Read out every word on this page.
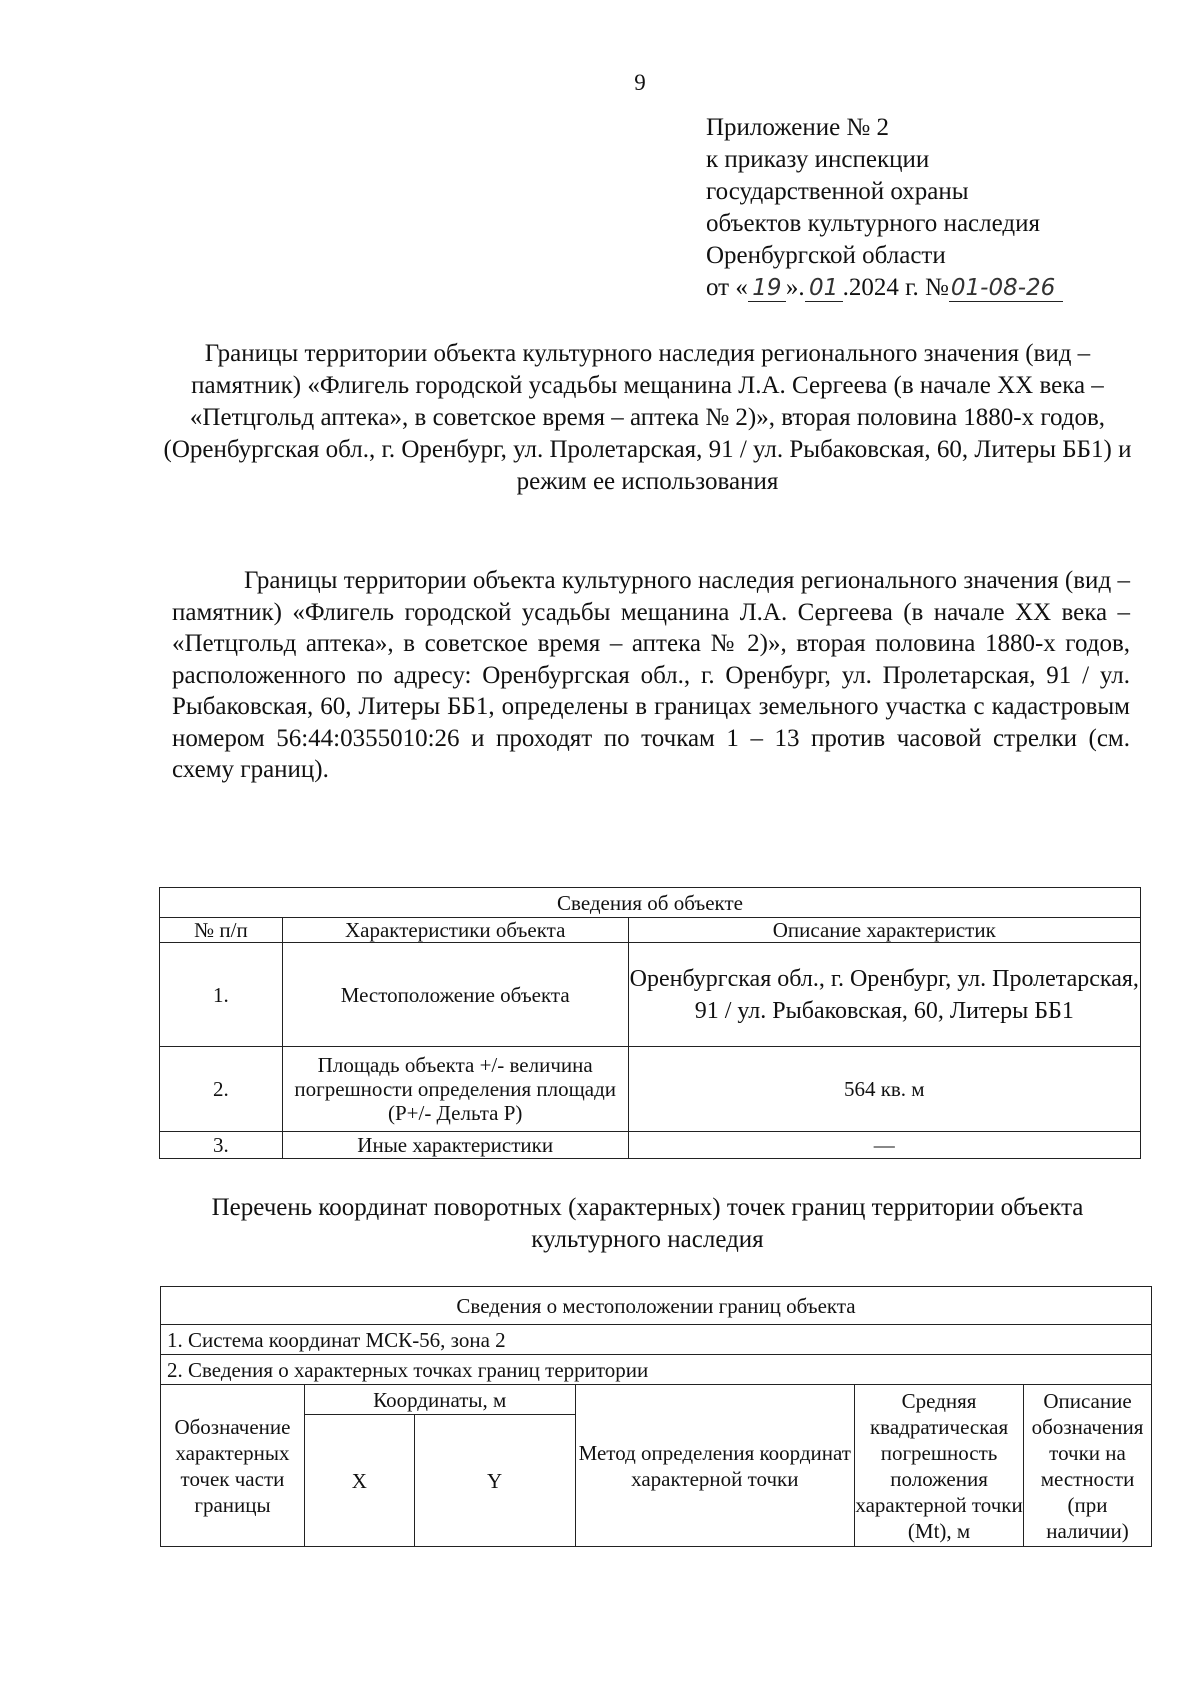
9
Приложение № 2
к приказу инспекции
государственной охраны
объектов культурного наследия
Оренбургской области
от « 19 ». 01 .2024 г. №01-08-26
Границы территории объекта культурного наследия регионального значения (вид – памятник) «Флигель городской усадьбы мещанина Л.А. Сергеева (в начале XX века – «Петцгольд аптека», в советское время – аптека № 2)», вторая половина 1880-х годов, (Оренбургская обл., г. Оренбург, ул. Пролетарская, 91 / ул. Рыбаковская, 60, Литеры ББ1) и режим ее использования
Границы территории объекта культурного наследия регионального значения (вид – памятник) «Флигель городской усадьбы мещанина Л.А. Сергеева (в начале XX века – «Петцгольд аптека», в советское время – аптека № 2)», вторая половина 1880-х годов, расположенного по адресу: Оренбургская обл., г. Оренбург, ул. Пролетарская, 91 / ул. Рыбаковская, 60, Литеры ББ1, определены в границах земельного участка с кадастровым номером 56:44:0355010:26 и проходят по точкам 1 – 13 против часовой стрелки (см. схему границ).
Сведения об объекте		
№ п/п	Характеристики объекта	Описание характеристик
1.	Местоположение объекта	Оренбургская обл., г. Оренбург, ул. Пролетарская, 91 / ул. Рыбаковская, 60, Литеры ББ1
2.	Площадь объекта +/- величина погрешности определения площади (Р+/- Дельта Р)	564 кв. м
3.	Иные характеристики	—
Перечень координат поворотных (характерных) точек границ территории объекта культурного наследия
Сведения о местоположении границ объекта					
1. Система координат МСК-56, зона 2					
2. Сведения о характерных точках границ территории					
Обозначение характерных точек части границы	Координаты, м		Метод определения координат характерной точки	Средняя квадратическая погрешность положения характерной точки (Mt), м	Описание обозначения точки на местности (при наличии)
	X	Y			
